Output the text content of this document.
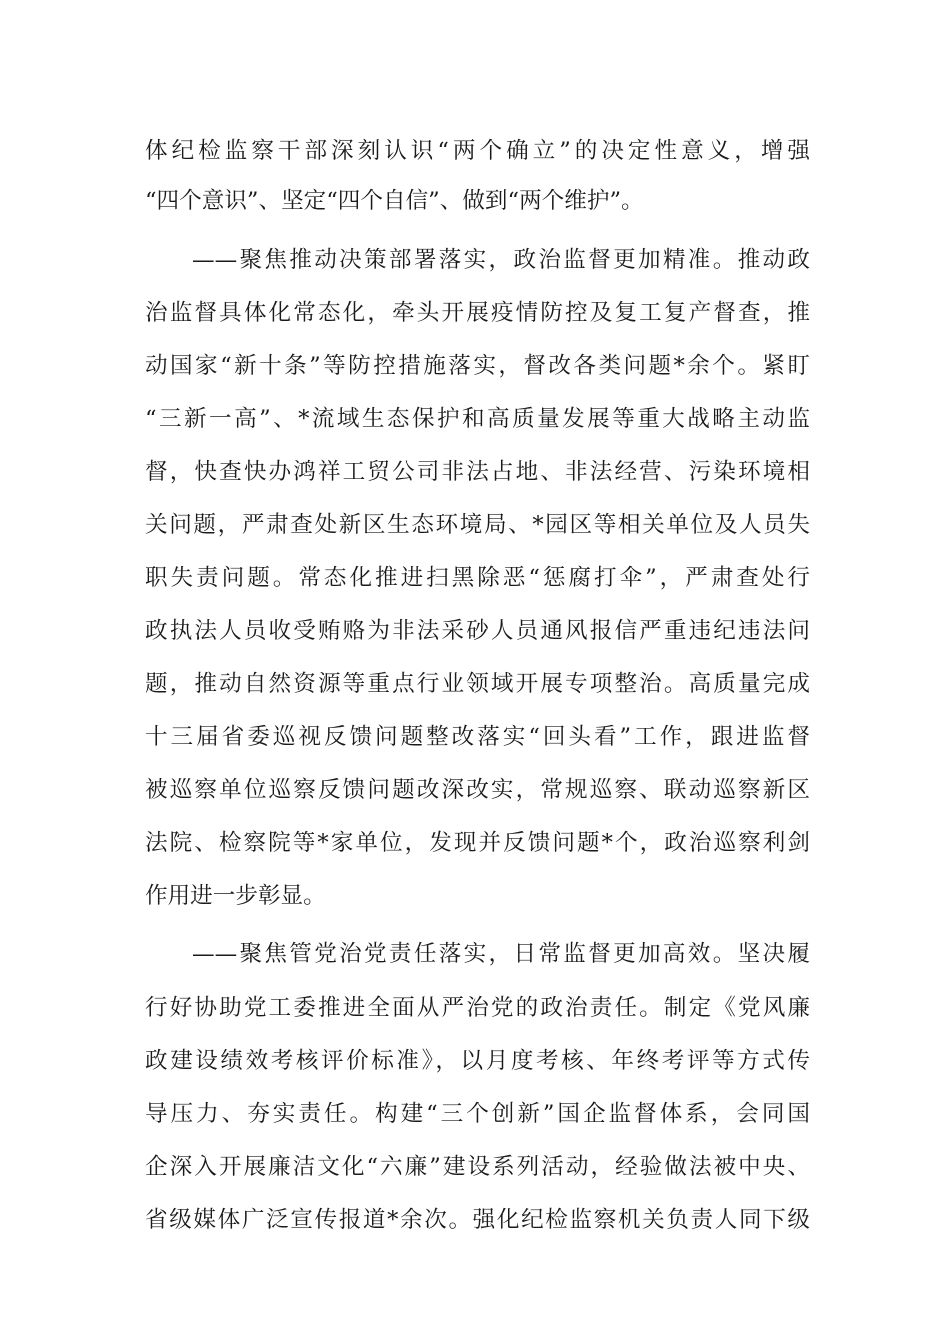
体纪检监察干部深刻认识“两个确立”的决定性意义，增强
“四个意识”、坚定“四个自信”、做到“两个维护”。
——聚焦推动决策部署落实，政治监督更加精准。推动政
治监督具体化常态化，牵头开展疫情防控及复工复产督查，推
动国家“新十条”等防控措施落实，督改各类问题*余个。紧盯
“三新一高”、*流域生态保护和高质量发展等重大战略主动监
督，快查快办鸿祥工贸公司非法占地、非法经营、污染环境相
关问题，严肃查处新区生态环境局、*园区等相关单位及人员失
职失责问题。常态化推进扫黑除恶“惩腐打伞”，严肃查处行
政执法人员收受贿赂为非法采砂人员通风报信严重违纪违法问
题，推动自然资源等重点行业领域开展专项整治。高质量完成
十三届省委巡视反馈问题整改落实“回头看”工作，跟进监督
被巡察单位巡察反馈问题改深改实，常规巡察、联动巡察新区
法院、检察院等*家单位，发现并反馈问题*个，政治巡察利剑
作用进一步彰显。
——聚焦管党治党责任落实，日常监督更加高效。坚决履
行好协助党工委推进全面从严治党的政治责任。制定《党风廉
政建设绩效考核评价标准》，以月度考核、年终考评等方式传
导压力、夯实责任。构建“三个创新”国企监督体系，会同国
企深入开展廉洁文化“六廉”建设系列活动，经验做法被中央、
省级媒体广泛宣传报道*余次。强化纪检监察机关负责人同下级
